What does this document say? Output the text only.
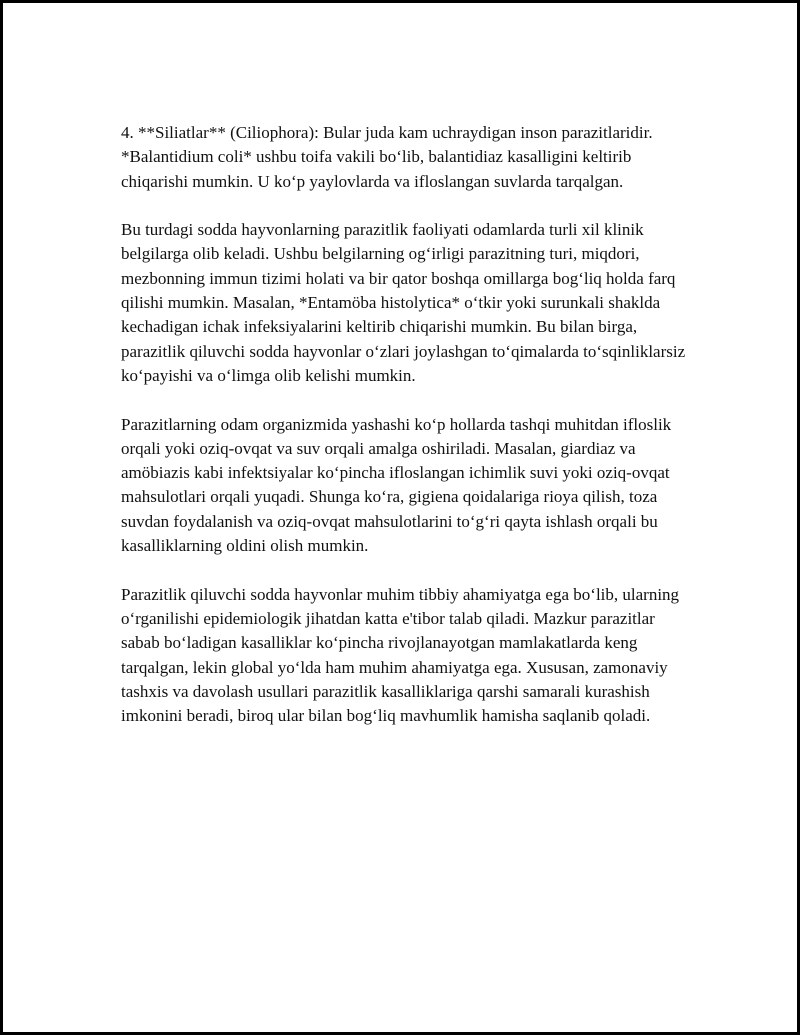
4. **Siliatlar** (Ciliophora): Bular juda kam uchraydigan inson parazitlaridir. *Balantidium coli* ushbu toifa vakili bo‘lib, balantidiaz kasalligini keltirib chiqarishi mumkin. U ko‘p yaylovlarda va ifloslangan suvlarda tarqalgan.

Bu turdagi sodda hayvonlarning parazitlik faoliyati odamlarda turli xil klinik belgilarga olib keladi. Ushbu belgilarning og‘irligi parazitning turi, miqdori, mezbonning immun tizimi holati va bir qator boshqa omillarga bog‘liq holda farq qilishi mumkin. Masalan, *Entamöba histolytica* o‘tkir yoki surunkali shaklda kechadigan ichak infeksiyalarini keltirib chiqarishi mumkin. Bu bilan birga, parazitlik qiluvchi sodda hayvonlar o‘zlari joylashgan to‘qimalarda to‘sqinliklarsiz ko‘payishi va o‘limga olib kelishi mumkin.

Parazitlarning odam organizmida yashashi ko‘p hollarda tashqi muhitdan ifloslik orqali yoki oziq-ovqat va suv orqali amalga oshiriladi. Masalan, giardiaz va amöbiazis kabi infektsiyalar ko‘pincha ifloslangan ichimlik suvi yoki oziq-ovqat mahsulotlari orqali yuqadi. Shunga ko‘ra, gigiena qoidalariga rioya qilish, toza suvdan foydalanish va oziq-ovqat mahsulotlarini to‘g‘ri qayta ishlash orqali bu kasalliklarning oldini olish mumkin.

Parazitlik qiluvchi sodda hayvonlar muhim tibbiy ahamiyatga ega bo‘lib, ularning o‘rganilishi epidemiologik jihatdan katta e'tibor talab qiladi. Mazkur parazitlar sabab bo‘ladigan kasalliklar ko‘pincha rivojlanayotgan mamlakatlarda keng tarqalgan, lekin global yo‘lda ham muhim ahamiyatga ega. Xususan, zamonaviy tashxis va davolash usullari parazitlik kasalliklariga qarshi samarali kurashish imkonini beradi, biroq ular bilan bog‘liq mavhumlik hamisha saqlanib qoladi.
